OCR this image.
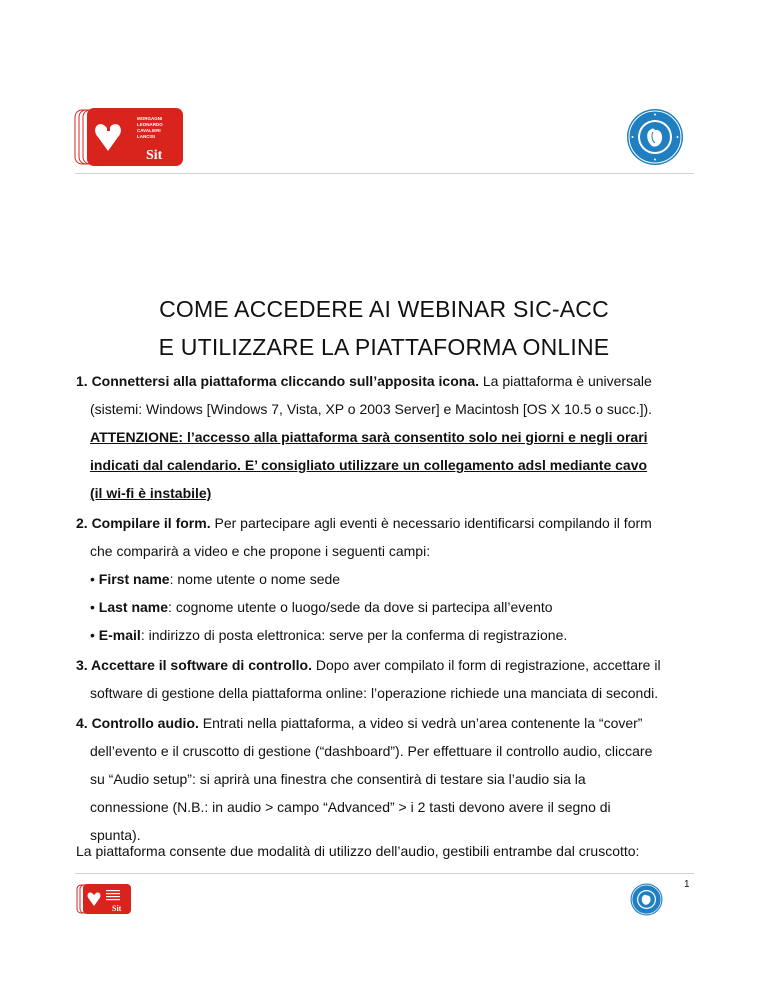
MORGAGNI
LEONARDO
CAVALIERI
LANCISI
Sit
COME ACCEDERE AI WEBINAR SIC-ACC
E UTILIZZARE LA PIATTAFORMA ONLINE
1. Connettersi alla piattaforma cliccando sull’apposita icona. La piattaforma è universale
(sistemi: Windows [Windows 7, Vista, XP o 2003 Server] e Macintosh [OS X 10.5 o succ.]).
ATTENZIONE: l’accesso alla piattaforma sarà consentito solo nei giorni e negli orari
indicati dal calendario. E’ consigliato utilizzare un collegamento adsl mediante cavo
(il wi-fi è instabile)
2. Compilare il form. Per partecipare agli eventi è necessario identificarsi compilando il form
che comparirà a video e che propone i seguenti campi:
• First name: nome utente o nome sede
• Last name: cognome utente o luogo/sede da dove si partecipa all’evento
• E-mail: indirizzo di posta elettronica: serve per la conferma di registrazione.
3. Accettare il software di controllo. Dopo aver compilato il form di registrazione, accettare il
software di gestione della piattaforma online: l’operazione richiede una manciata di secondi.
4. Controllo audio. Entrati nella piattaforma, a video si vedrà un’area contenente la “cover”
dell’evento e il cruscotto di gestione (“dashboard”). Per effettuare il controllo audio, cliccare
su “Audio setup”: si aprirà una finestra che consentirà di testare sia l’audio sia la
connessione (N.B.: in audio > campo “Advanced” > i 2 tasti devono avere il segno di
spunta).
La piattaforma consente due modalità di utilizzo dell’audio, gestibili entrambe dal cruscotto:
1
Sit
